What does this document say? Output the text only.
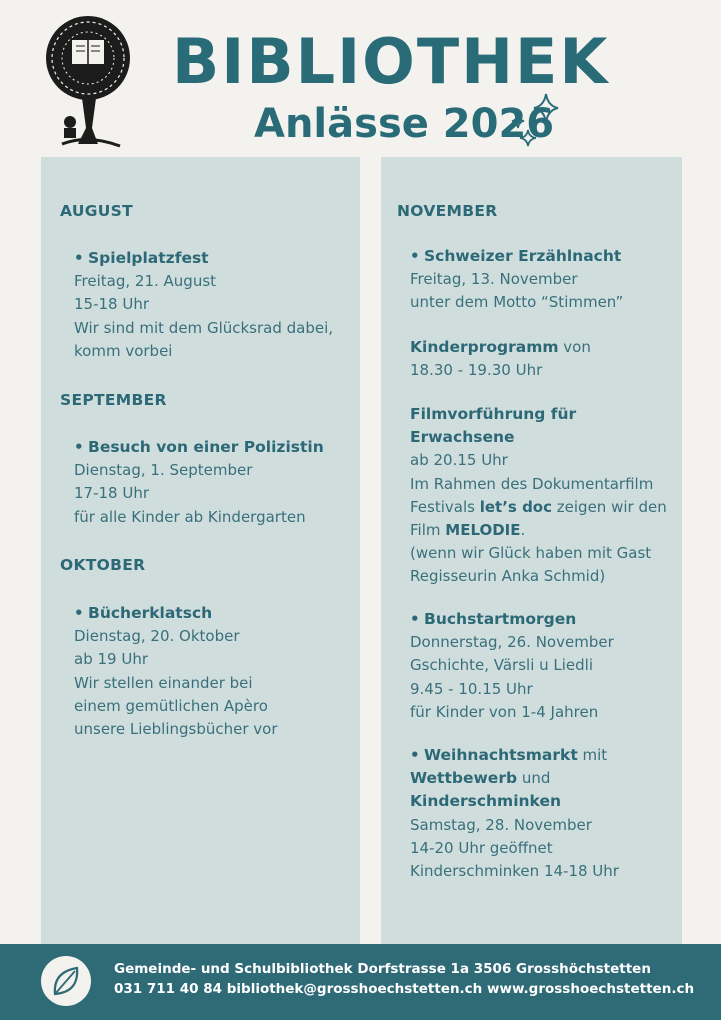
BIBLIOTHEK
Anlässe 2026
AUGUST
• Spielplatzfest
Freitag, 21. August
15-18 Uhr
Wir sind mit dem Glücksrad dabei,
komm vorbei
SEPTEMBER
• Besuch von einer Polizistin
Dienstag, 1. September
17-18 Uhr
für alle Kinder ab Kindergarten
OKTOBER
• Bücherklatsch
Dienstag, 20. Oktober
ab 19 Uhr
Wir stellen einander bei
einem gemütlichen Apèro
unsere Lieblingsbücher vor
NOVEMBER
• Schweizer Erzählnacht
Freitag, 13. November
unter dem Motto “Stimmen”
Kinderprogramm von
18.30 - 19.30 Uhr
Filmvorführung für
Erwachsene
ab 20.15 Uhr
Im Rahmen des Dokumentarfilm
Festivals let’s doc zeigen wir den
Film MELODIE.
(wenn wir Glück haben mit Gast
Regisseurin Anka Schmid)
• Buchstartmorgen
Donnerstag, 26. November
Gschichte, Värsli u Liedli
9.45 - 10.15 Uhr
für Kinder von 1-4 Jahren
• Weihnachtsmarkt mit
Wettbewerb und
Kinderschminken
Samstag, 28. November
14-20 Uhr geöffnet
Kinderschminken 14-18 Uhr
Gemeinde- und Schulbibliothek Dorfstrasse 1a 3506 Grosshöchstetten
031 711 40 84 bibliothek@grosshoechstetten.ch www.grosshoechstetten.ch
